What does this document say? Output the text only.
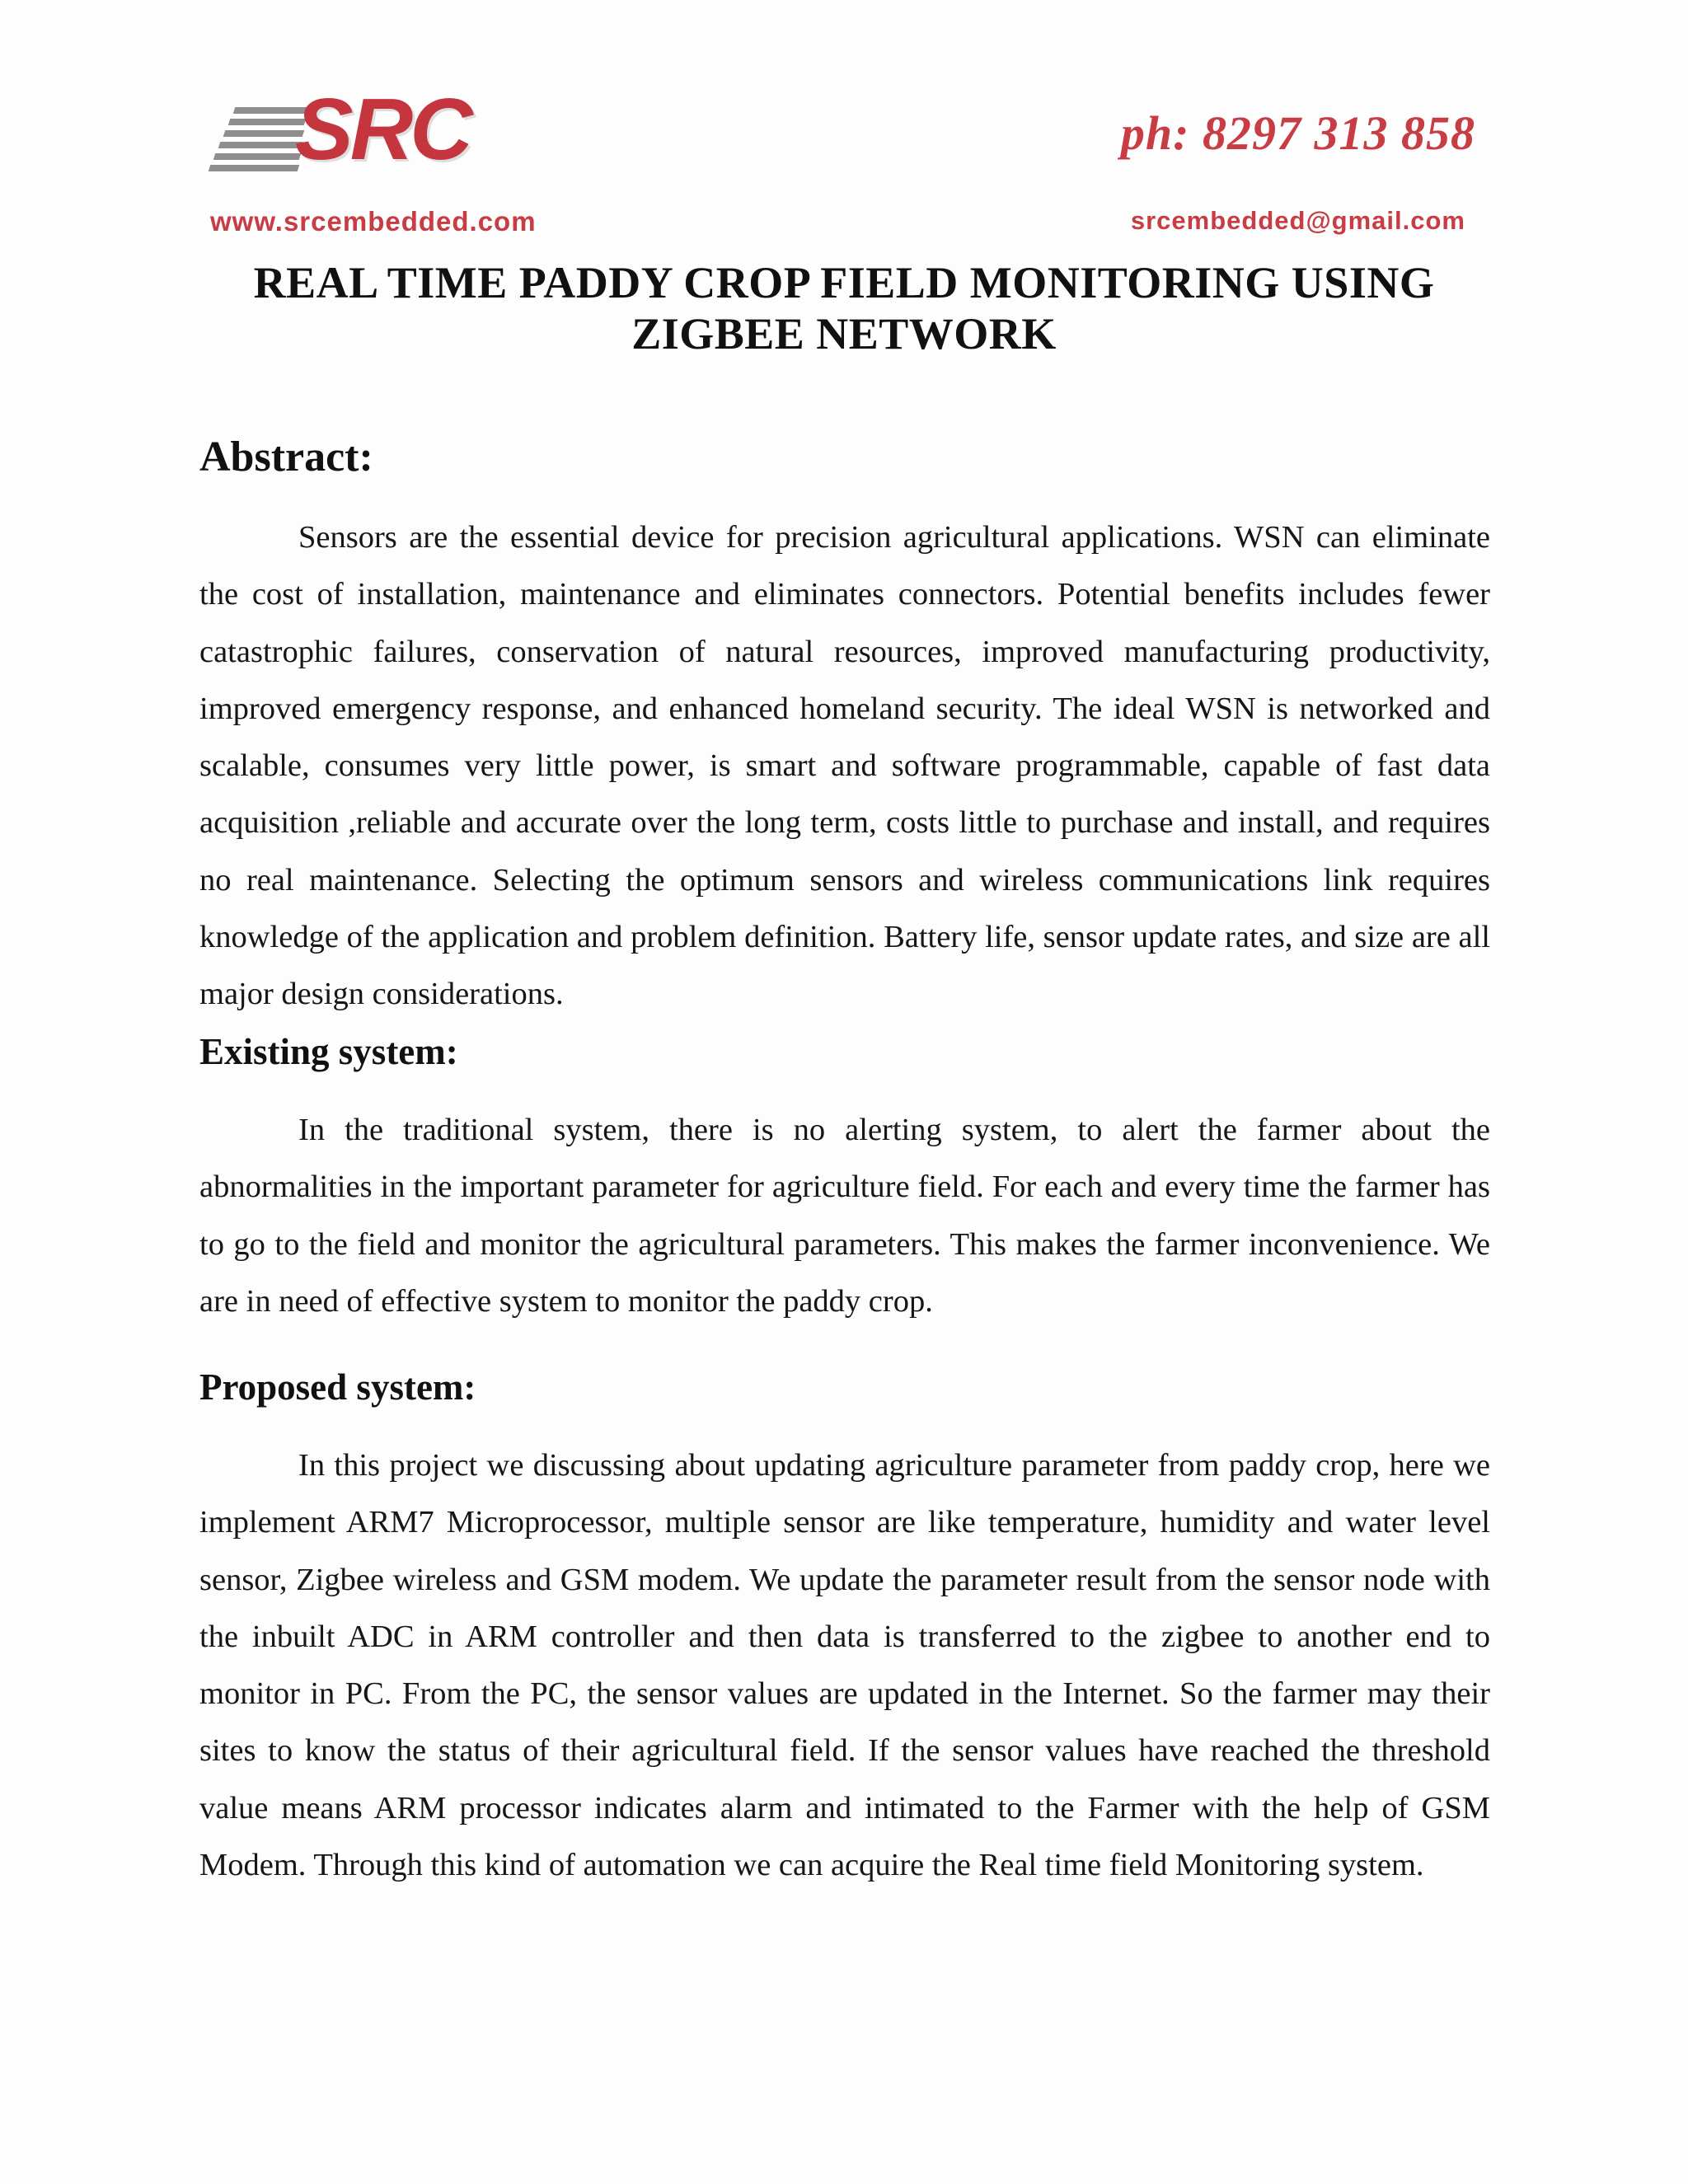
SRC
www.srcembedded.com
ph: 8297 313 858
srcembedded@gmail.com
REAL TIME PADDY CROP FIELD MONITORING USING ZIGBEE NETWORK
Abstract:

Sensors are the essential device for precision agricultural applications. WSN can eliminate the cost of installation, maintenance and eliminates connectors. Potential benefits includes fewer catastrophic failures, conservation of natural resources, improved manufacturing productivity, improved emergency response, and enhanced homeland security. The ideal WSN is networked and scalable, consumes very little power, is smart and software programmable, capable of fast data acquisition ,reliable and accurate over the long term, costs little to purchase and install, and requires no real maintenance. Selecting the optimum sensors and wireless communications link requires knowledge of the application and problem definition. Battery life, sensor update rates, and size are all major design considerations.

Existing system:

In the traditional system, there is no alerting system, to alert the farmer about the abnormalities in the important parameter for agriculture field. For each and every time the farmer has to go to the field and monitor the agricultural parameters. This makes the farmer inconvenience. We are in need of effective system to monitor the paddy crop.

Proposed system:

In this project we discussing about updating agriculture parameter from paddy crop, here we implement ARM7 Microprocessor, multiple sensor are like temperature, humidity and water level sensor, Zigbee wireless and GSM modem. We update the parameter result from the sensor node with the inbuilt ADC in ARM controller and then data is transferred to the zigbee to another end to monitor in PC. From the PC, the sensor values are updated in the Internet. So the farmer may their sites to know the status of their agricultural field. If the sensor values have reached the threshold value means ARM processor indicates alarm and intimated to the Farmer with the help of GSM Modem. Through this kind of automation we can acquire the Real time field Monitoring system.
